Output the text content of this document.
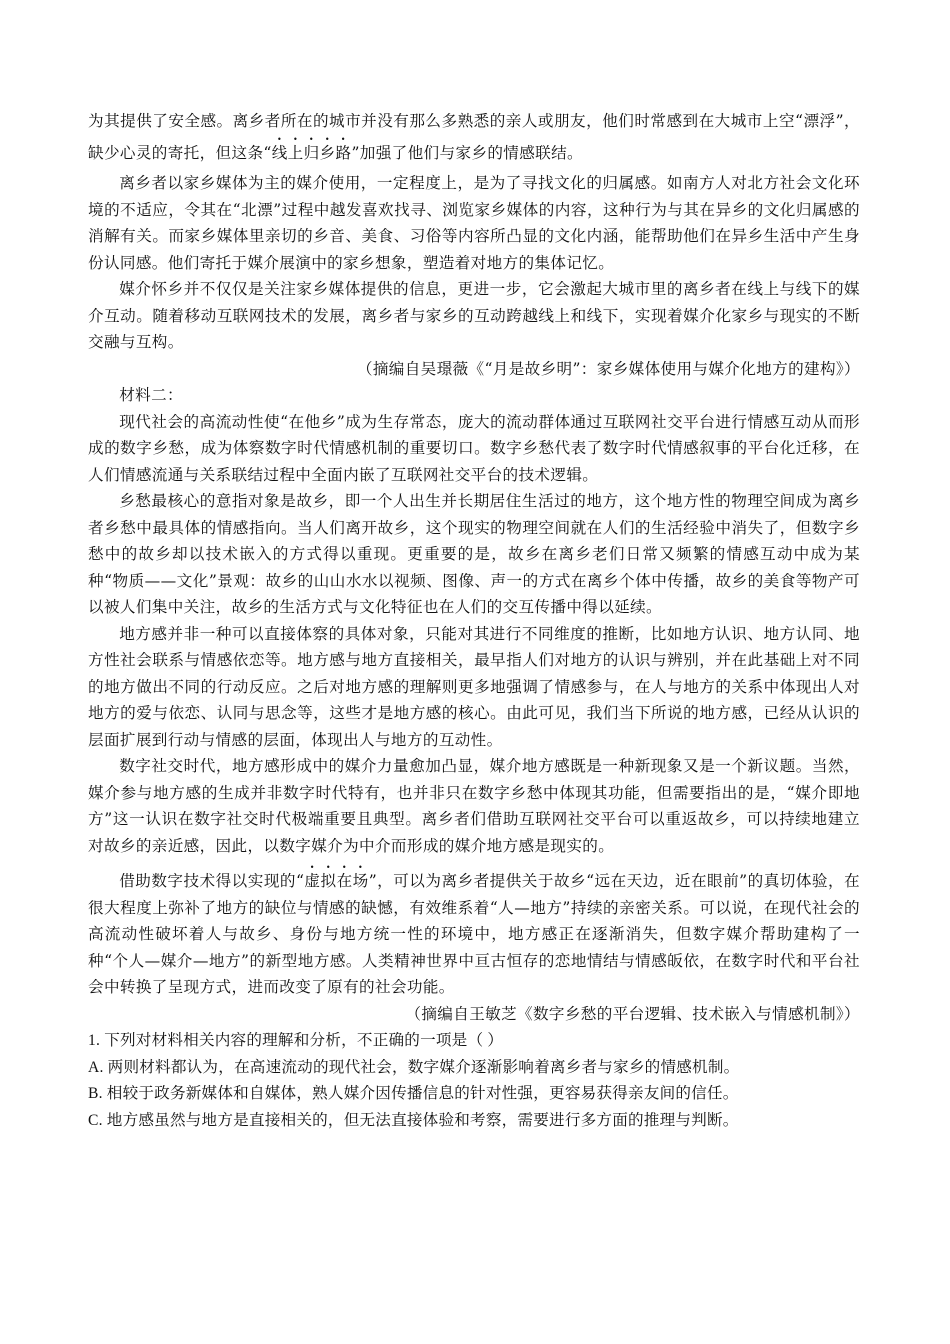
为其提供了安全感。离乡者所在的城市并没有那么多熟悉的亲人或朋友，他们时常感到在大城市上空“漂浮”，缺少心灵的寄托，但这条“线上归乡路”加强了他们与家乡的情感联结。

离乡者以家乡媒体为主的媒介使用，一定程度上，是为了寻找文化的归属感。如南方人对北方社会文化环境的不适应，令其在“北漂”过程中越发喜欢找寻、浏览家乡媒体的内容，这种行为与其在异乡的文化归属感的消解有关。而家乡媒体里亲切的乡音、美食、习俗等内容所凸显的文化内涵，能帮助他们在异乡生活中产生身份认同感。他们寄托于媒介展演中的家乡想象，塑造着对地方的集体记忆。

媒介怀乡并不仅仅是关注家乡媒体提供的信息，更进一步，它会激起大城市里的离乡者在线上与线下的媒介互动。随着移动互联网技术的发展，离乡者与家乡的互动跨越线上和线下，实现着媒介化家乡与现实的不断交融与互构。

（摘编自吴璟薇《“月是故乡明”：家乡媒体使用与媒介化地方的建构》）

材料二：

现代社会的高流动性使“在他乡”成为生存常态，庞大的流动群体通过互联网社交平台进行情感互动从而形成的数字乡愁，成为体察数字时代情感机制的重要切口。数字乡愁代表了数字时代情感叙事的平台化迁移，在人们情感流通与关系联结过程中全面内嵌了互联网社交平台的技术逻辑。

乡愁最核心的意指对象是故乡，即一个人出生并长期居住生活过的地方，这个地方性的物理空间成为离乡者乡愁中最具体的情感指向。当人们离开故乡，这个现实的物理空间就在人们的生活经验中消失了，但数字乡愁中的故乡却以技术嵌入的方式得以重现。更重要的是，故乡在离乡老们日常又频繁的情感互动中成为某种“物质——文化”景观：故乡的山山水水以视频、图像、声一的方式在离乡个体中传播，故乡的美食等物产可以被人们集中关注，故乡的生活方式与文化特征也在人们的交互传播中得以延续。

地方感并非一种可以直接体察的具体对象，只能对其进行不同维度的推断，比如地方认识、地方认同、地方性社会联系与情感依恋等。地方感与地方直接相关，最早指人们对地方的认识与辨别，并在此基础上对不同的地方做出不同的行动反应。之后对地方感的理解则更多地强调了情感参与，在人与地方的关系中体现出人对地方的爱与依恋、认同与思念等，这些才是地方感的核心。由此可见，我们当下所说的地方感，已经从认识的层面扩展到行动与情感的层面，体现出人与地方的互动性。

数字社交时代，地方感形成中的媒介力量愈加凸显，媒介地方感既是一种新现象又是一个新议题。当然，媒介参与地方感的生成并非数字时代特有，也并非只在数字乡愁中体现其功能，但需要指出的是，“媒介即地方”这一认识在数字社交时代极端重要且典型。离乡者们借助互联网社交平台可以重返故乡，可以持续地建立对故乡的亲近感，因此，以数字媒介为中介而形成的媒介地方感是现实的。

借助数字技术得以实现的“虚拟在场”，可以为离乡者提供关于故乡“远在天边，近在眼前”的真切体验，在很大程度上弥补了地方的缺位与情感的缺憾，有效维系着“人—地方”持续的亲密关系。可以说，在现代社会的高流动性破坏着人与故乡、身份与地方统一性的环境中，地方感正在逐渐消失，但数字媒介帮助建构了一种“个人—媒介—地方”的新型地方感。人类精神世界中亘古恒存的恋地情结与情感皈依，在数字时代和平台社会中转换了呈现方式，进而改变了原有的社会功能。

（摘编自王敏芝《数字乡愁的平台逻辑、技术嵌入与情感机制》）

1. 下列对材料相关内容的理解和分析，不正确的一项是（ ）

A. 两则材料都认为，在高速流动的现代社会，数字媒介逐渐影响着离乡者与家乡的情感机制。

B. 相较于政务新媒体和自媒体，熟人媒介因传播信息的针对性强，更容易获得亲友间的信任。

C. 地方感虽然与地方是直接相关的，但无法直接体验和考察，需要进行多方面的推理与判断。
